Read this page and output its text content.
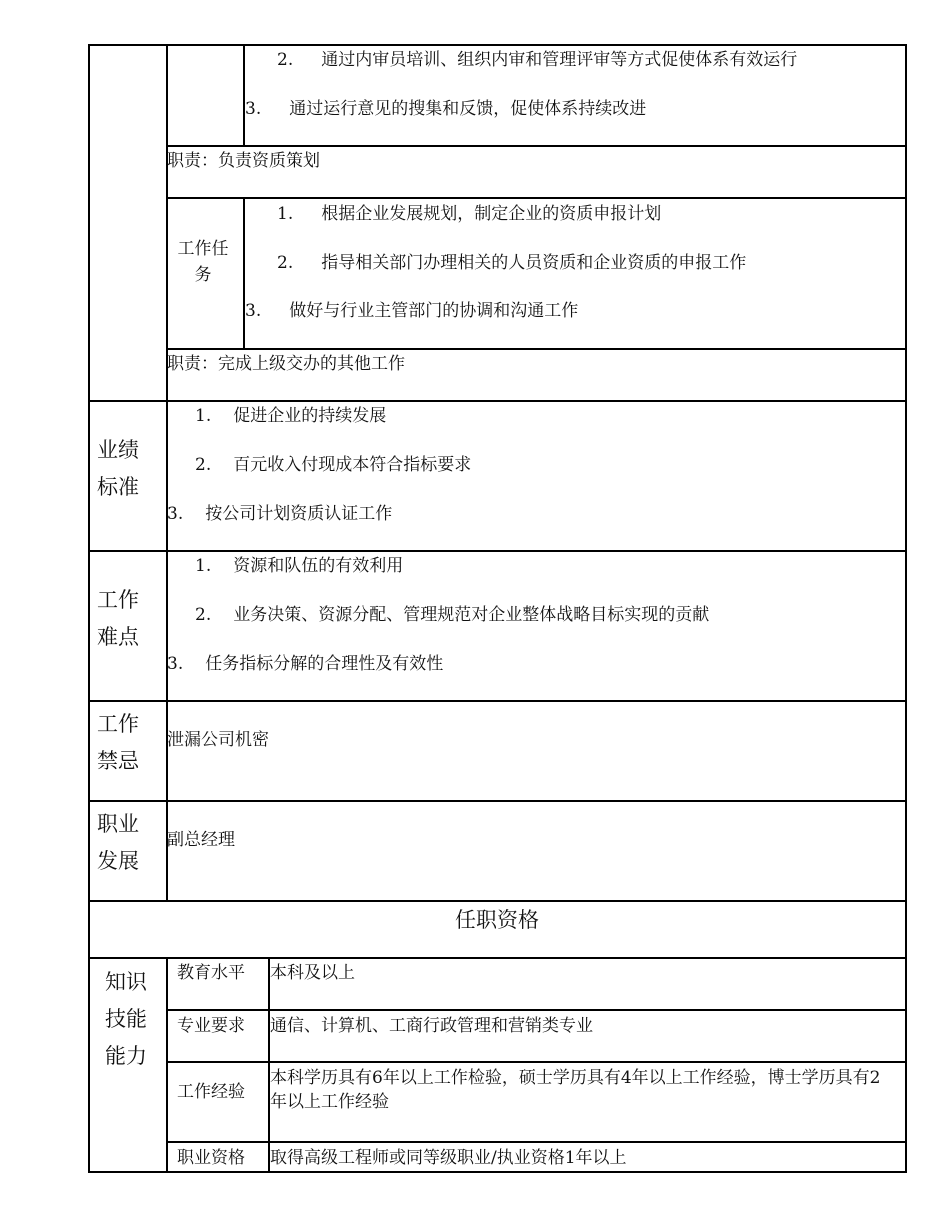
2. 通过内审员培训、组织内审和管理评审等方式促使体系有效运行
3. 通过运行意见的搜集和反馈，促使体系持续改进
职责：负责资质策划
工作任务
1. 根据企业发展规划，制定企业的资质申报计划
2. 指导相关部门办理相关的人员资质和企业资质的申报工作
3. 做好与行业主管部门的协调和沟通工作
职责：完成上级交办的其他工作
业绩标准
1. 促进企业的持续发展
2. 百元收入付现成本符合指标要求
3. 按公司计划资质认证工作
工作难点
1. 资源和队伍的有效利用
2. 业务决策、资源分配、管理规范对企业整体战略目标实现的贡献
3. 任务指标分解的合理性及有效性
工作禁忌
泄漏公司机密
职业发展
副总经理
任职资格
知识技能能力
教育水平 本科及以上
专业要求 通信、计算机、工商行政管理和营销类专业
工作经验
本科学历具有6年以上工作检验，硕士学历具有4年以上工作经验，博士学历具有2年以上工作经验
职业资格 取得高级工程师或同等级职业/执业资格1年以上
